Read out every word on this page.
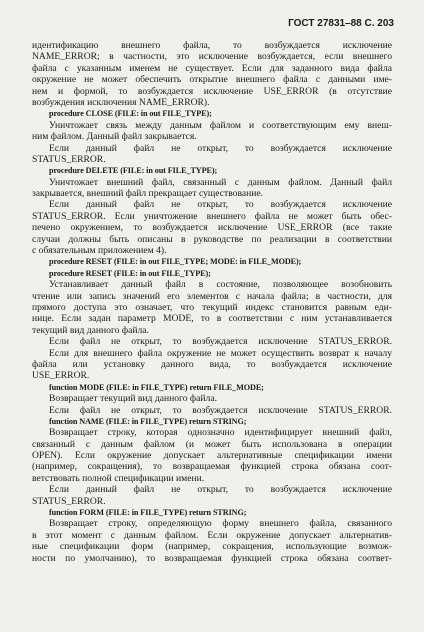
ГОСТ 27831–88 С. 203
идентификацию внешнего файла, то возбуждается исключение
NAME_ERROR; в частности, это исключение возбуждается, если внешнего
файла с указанным именем не существует. Если для заданного вида файла
окружение не может обеспечить открытие внешнего файла с данными име-
нем и формой, то возбуждается исключение USE_ERROR (в отсутствие
возбуждения исключения NAME_ERROR).
procedure CLOSE (FILE: in out FILE_TYPE);
Уничтожает связь между данным файлом и соответствующим ему внеш-
ним файлом. Данный файл закрывается.
Если данный файл не открыт, то возбуждается исключение
STATUS_ERROR.
procedure DELETE (FILE: in out FILE_TYPE);
Уничтожает внешний файл, связанный с данным файлом. Данный файл
закрывается, внешний файл прекращает существование.
Если данный файл не открыт, то возбуждается исключение
STATUS_ERROR. Если уничтожение внешнего файла не может быть обес-
печено окружением, то возбуждается исключение USE_ERROR (все такие
случаи должны быть описаны в руководстве по реализации в соответствии
с обязательным приложением 4).
procedure RESET (FILE: in out FILE_TYPE; MODE: in FILE_MODE);
procedure RESET (FILE: in out FILE_TYPE);
Устанавливает данный файл в состояние, позволяющее возобновить
чтение или запись значений его элементов с начала файла; в частности, для
прямого доступа это означает, что текущий индекс становится равным еди-
нице. Если задан параметр MODE, то в соответствии с ним устанавливается
текущий вид данного файла.
Если файл не открыт, то возбуждается исключение STATUS_ERROR.
Если для внешнего файла окружение не может осуществить возврат к началу
файла или установку данного вида, то возбуждается исключение
USE_ERROR.
function MODE (FILE: in FILE_TYPE) return FILE_MODE;
Возвращает текущий вид данного файла.
Если файл не открыт, то возбуждается исключение STATUS_ERROR.
function NAME (FILE: in FILE_TYPE) return STRING;
Возвращает строку, которая однозначно идентифицирует внешний файл,
связанный с данным файлом (и может быть использована в операции
OPEN). Если окружение допускает альтернативные спецификации имени
(например, сокращения), то возвращаемая функцией строка обязана соот-
ветствовать полной спецификации имени.
Если данный файл не открыт, то возбуждается исключение
STATUS_ERROR.
function FORM (FILE: in FILE_TYPE) return STRING;
Возвращает строку, определяющую форму внешнего файла, связанного
в этот момент с данным файлом. Если окружение допускает альтернатив-
ные спецификации форм (например, сокращения, использующие возмож-
ности по умолчанию), то возвращаемая функцией строка обязана соответ-
